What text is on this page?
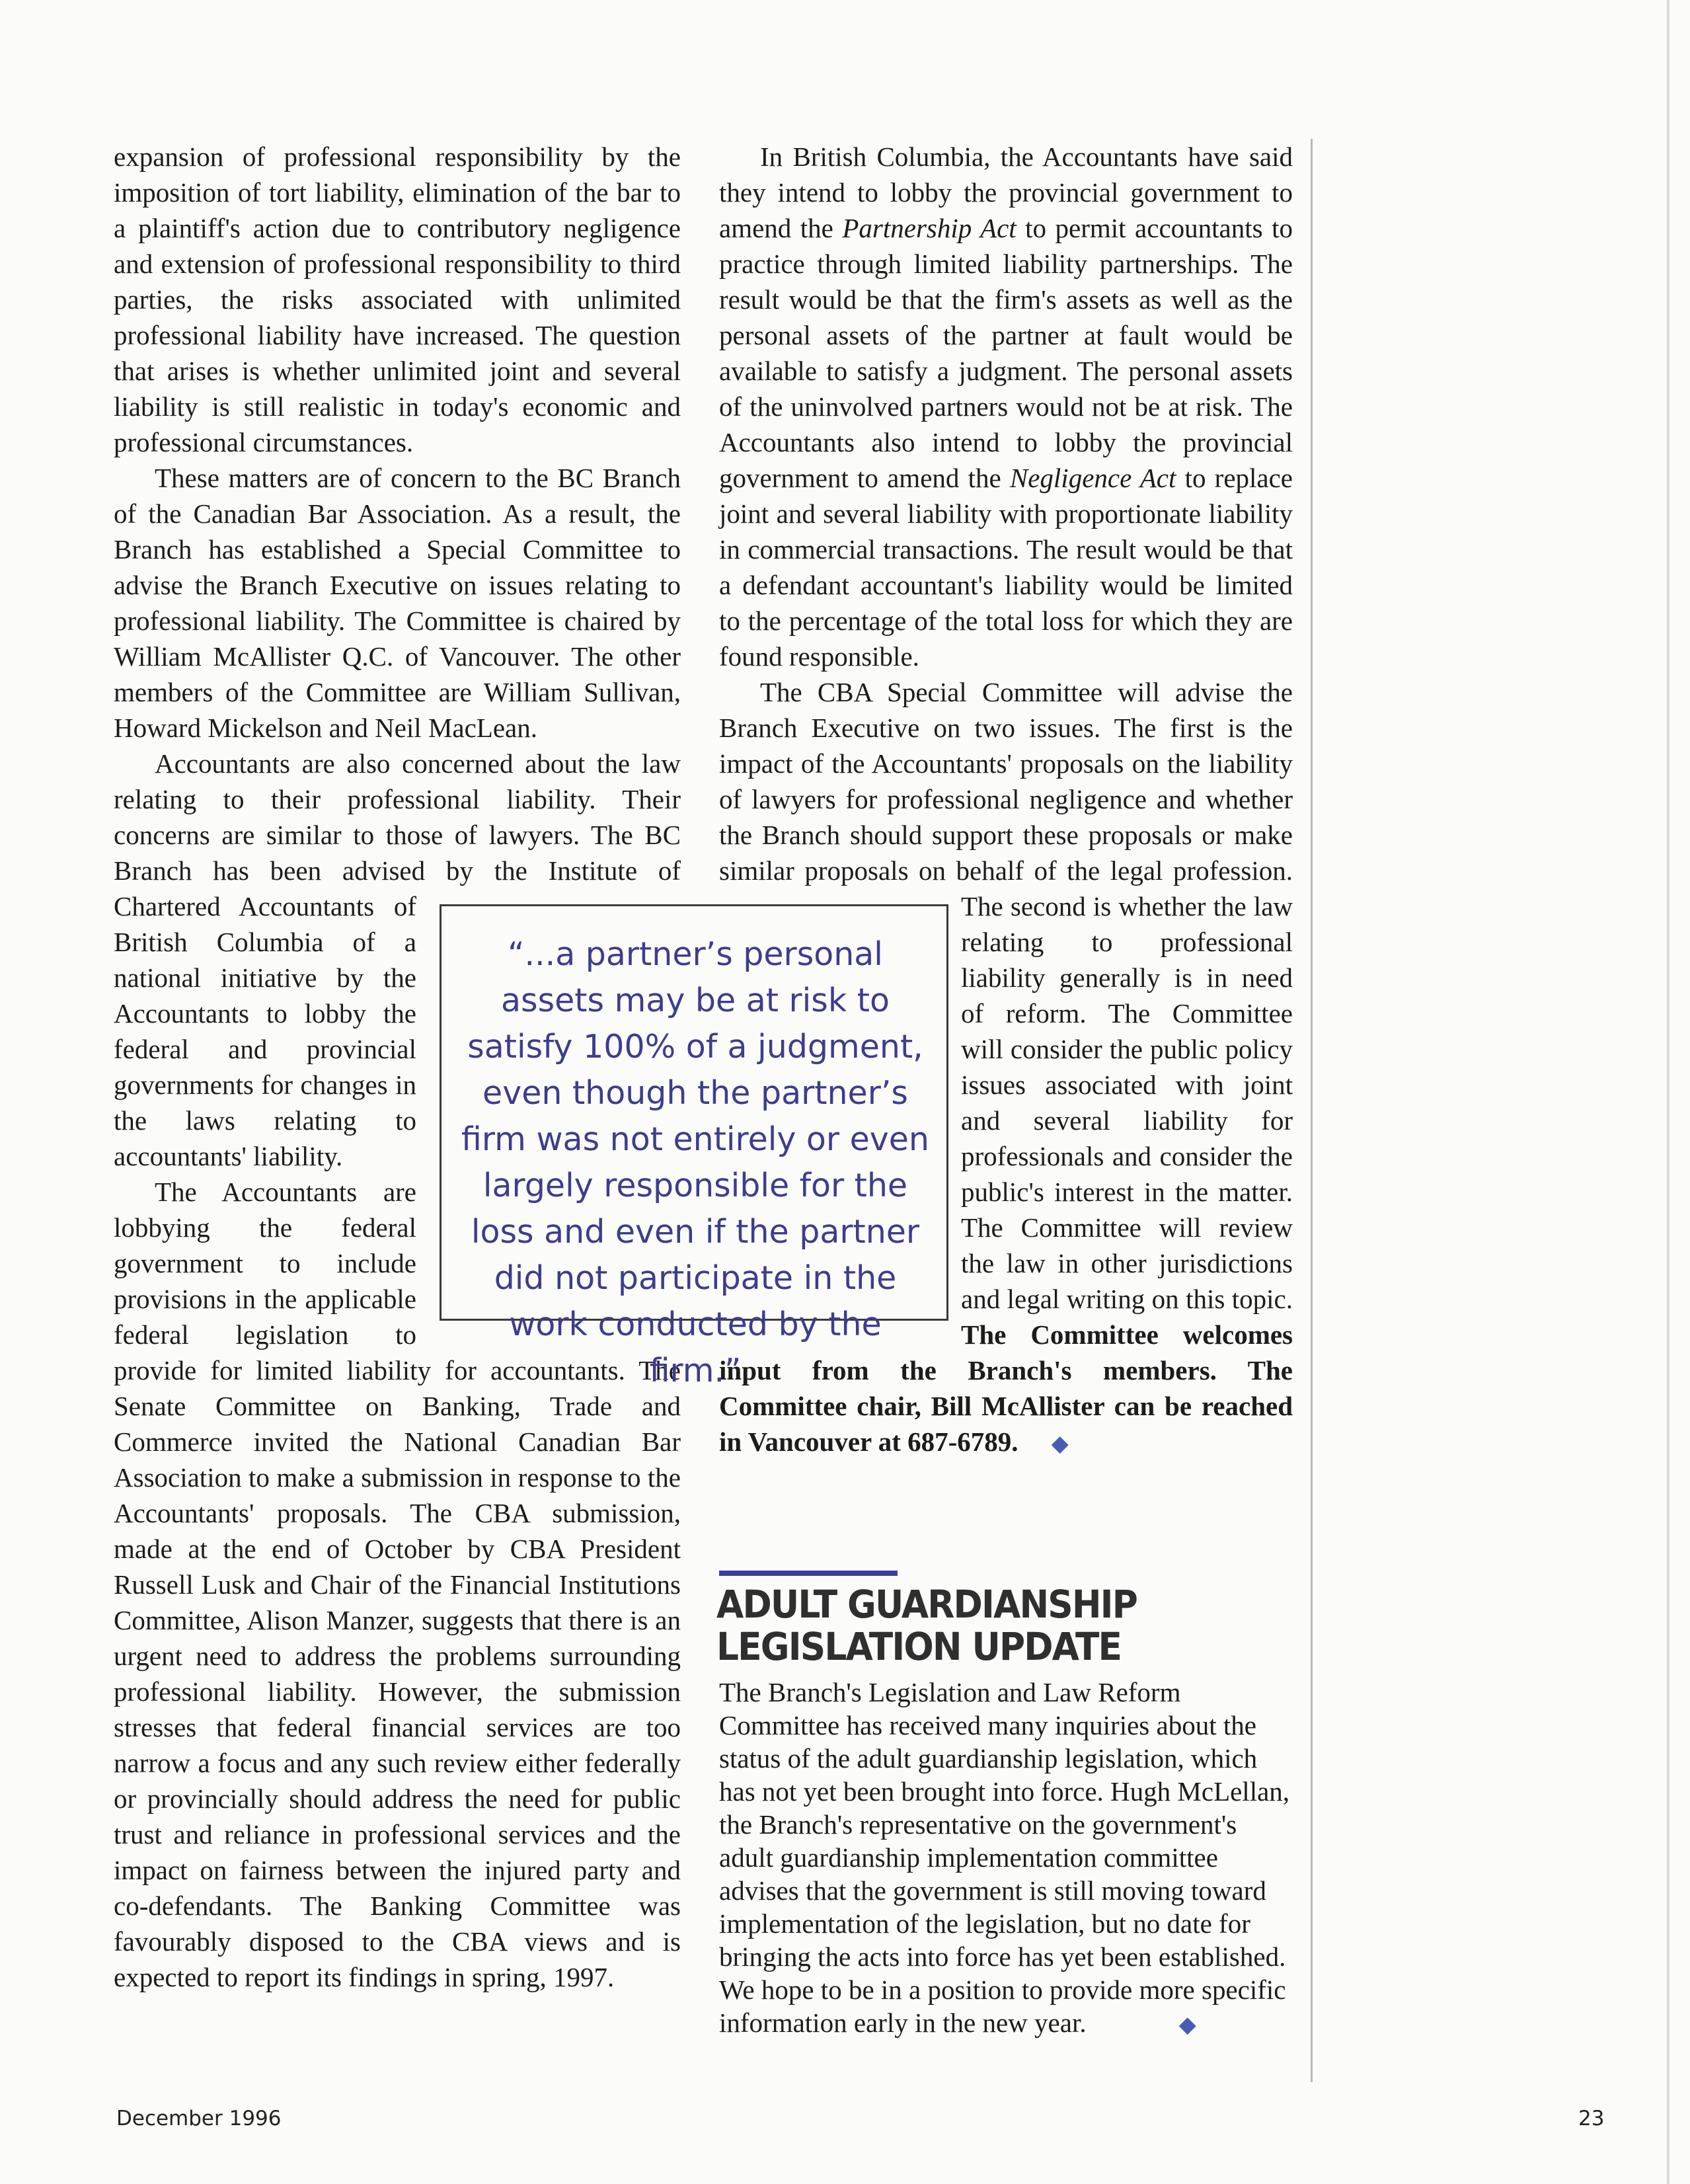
expansion of professional responsibility by the imposition of tort liability, elimination of the bar to a plaintiff's action due to contributory negligence and extension of professional responsibility to third parties, the risks associated with unlimited professional liability have increased. The question that arises is whether unlimited joint and several liability is still realistic in today's economic and professional circumstances.

These matters are of concern to the BC Branch of the Canadian Bar Association. As a result, the Branch has established a Special Committee to advise the Branch Executive on issues relating to professional liability. The Committee is chaired by William McAllister Q.C. of Vancouver. The other members of the Committee are William Sullivan, Howard Mickelson and Neil MacLean.

Accountants are also concerned about the law relating to their professional liability. Their concerns are similar to those of lawyers. The BC Branch has been advised by the Institute of Chartered Accountants of British Columbia of a national initiative by the Accountants to lobby the federal and provincial governments for changes in the laws relating to accountants' liability.

The Accountants are lobbying the federal government to include provisions in the applicable federal legislation to provide for limited liability for accountants. The Senate Committee on Banking, Trade and Commerce invited the National Canadian Bar Association to make a submission in response to the Accountants' proposals. The CBA submission, made at the end of October by CBA President Russell Lusk and Chair of the Financial Institutions Committee, Alison Manzer, suggests that there is an urgent need to address the problems surrounding professional liability. However, the submission stresses that federal financial services are too narrow a focus and any such review either federally or provincially should address the need for public trust and reliance in professional services and the impact on fairness between the injured party and co-defendants. The Banking Committee was favourably disposed to the CBA views and is expected to report its findings in spring, 1997.

In British Columbia, the Accountants have said they intend to lobby the provincial government to amend the Partnership Act to permit accountants to practice through limited liability partnerships. The result would be that the firm's assets as well as the personal assets of the partner at fault would be available to satisfy a judgment. The personal assets of the uninvolved partners would not be at risk. The Accountants also intend to lobby the provincial government to amend the Negligence Act to replace joint and several liability with proportionate liability in commercial transactions. The result would be that a defendant accountant's liability would be limited to the percentage of the total loss for which they are found responsible.

The CBA Special Committee will advise the Branch Executive on two issues. The first is the impact of the Accountants' proposals on the liability of lawyers for professional negligence and whether the Branch should support these proposals or make similar proposals on behalf of the legal profession. The second is whether the law relating to professional liability generally is in need of reform. The Committee will consider the public policy issues associated with joint and several liability for professionals and consider the public's interest in the matter. The Committee will review the law in other jurisdictions and legal writing on this topic. The Committee welcomes input from the Branch's members. The Committee chair, Bill McAllister can be reached in Vancouver at 687-6789. ◆

“...a partner’s personal assets may be at risk to satisfy 100% of a judgment, even though the partner’s firm was not entirely or even largely responsible for the loss and even if the partner did not participate in the work conducted by the firm.”
ADULT GUARDIANSHIP LEGISLATION UPDATE
The Branch's Legislation and Law Reform Committee has received many inquiries about the status of the adult guardianship legislation, which has not yet been brought into force. Hugh McLellan, the Branch's representative on the government's adult guardianship implementation committee advises that the government is still moving toward implementation of the legislation, but no date for bringing the acts into force has yet been established. We hope to be in a position to provide more specific information early in the new year.	◆
December 1996	23
